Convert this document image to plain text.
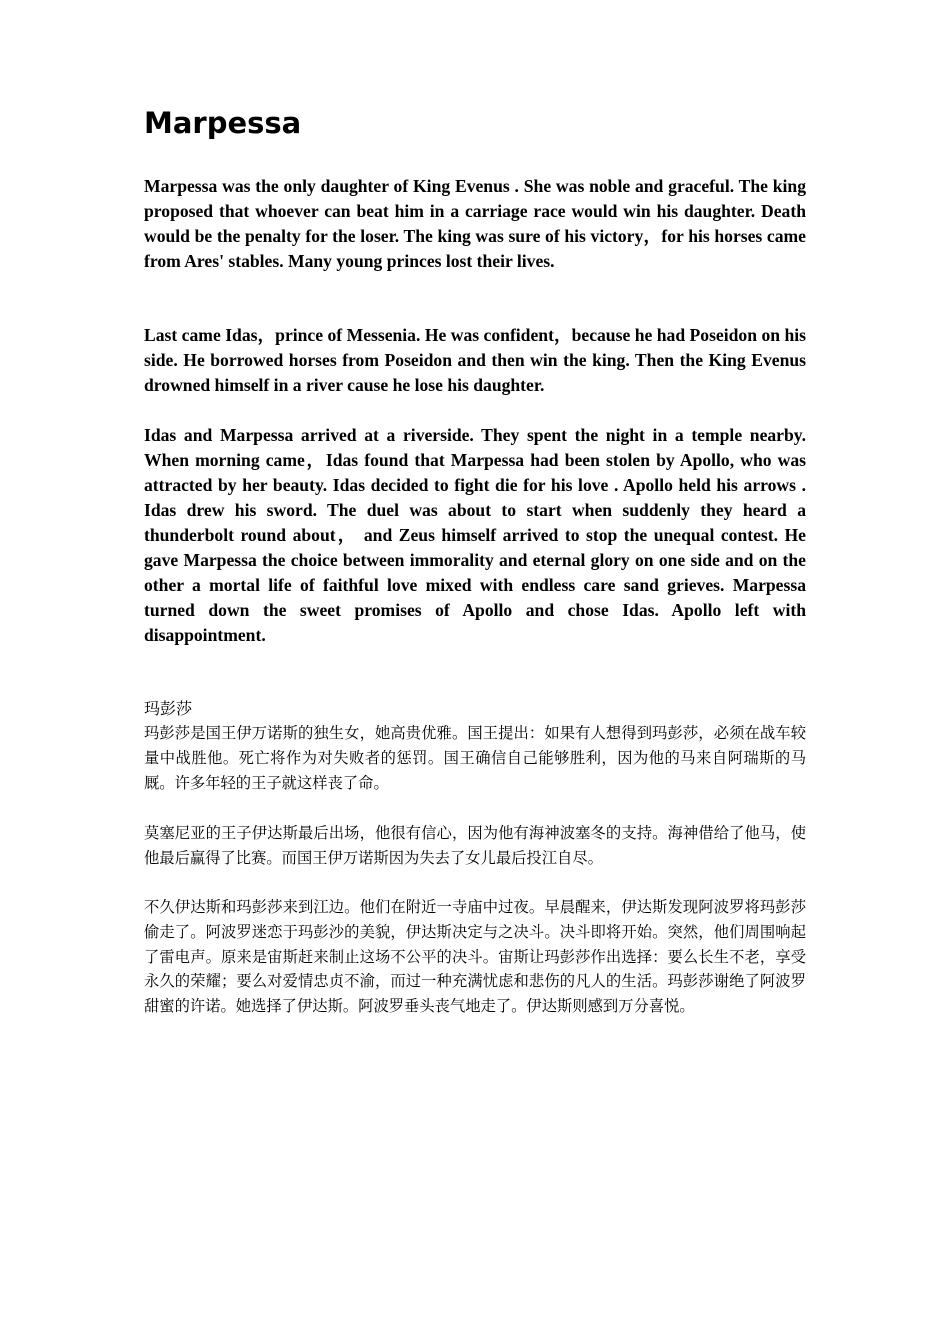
Marpessa

Marpessa was the only daughter of King Evenus . She was noble and graceful. The king proposed that whoever can beat him in a carriage race would win his daughter. Death would be the penalty for the loser. The king was sure of his victory，for his horses came from Ares' stables. Many young princes lost their lives.

Last came Idas，prince of Messenia. He was confident，because he had Poseidon on his side. He borrowed horses from Poseidon and then win the king. Then the King Evenus drowned himself in a river cause he lose his daughter.

Idas and Marpessa arrived at a riverside. They spent the night in a temple nearby. When morning came，Idas found that Marpessa had been stolen by Apollo, who was attracted by her beauty. Idas decided to fight die for his love . Apollo held his arrows . Idas drew his sword. The duel was about to start when suddenly they heard a thunderbolt round about， and Zeus himself arrived to stop the unequal contest. He gave Marpessa the choice between immorality and eternal glory on one side and on the other a mortal life of faithful love mixed with endless care sand grieves. Marpessa turned down the sweet promises of Apollo and chose Idas. Apollo left with disappointment.

玛彭莎

玛彭莎是国王伊万诺斯的独生女，她高贵优雅。国王提出：如果有人想得到玛彭莎，必须在战车较量中战胜他。死亡将作为对失败者的惩罚。国王确信自己能够胜利，因为他的马来自阿瑞斯的马厩。许多年轻的王子就这样丧了命。

莫塞尼亚的王子伊达斯最后出场，他很有信心，因为他有海神波塞冬的支持。海神借给了他马，使他最后赢得了比赛。而国王伊万诺斯因为失去了女儿最后投江自尽。

不久伊达斯和玛彭莎来到江边。他们在附近一寺庙中过夜。早晨醒来，伊达斯发现阿波罗将玛彭莎偷走了。阿波罗迷恋于玛彭沙的美貌，伊达斯决定与之决斗。决斗即将开始。突然，他们周围响起了雷电声。原来是宙斯赶来制止这场不公平的决斗。宙斯让玛彭莎作出选择：要么长生不老，享受永久的荣耀；要么对爱情忠贞不渝，而过一种充满忧虑和悲伤的凡人的生活。玛彭莎谢绝了阿波罗甜蜜的许诺。她选择了伊达斯。阿波罗垂头丧气地走了。伊达斯则感到万分喜悦。
